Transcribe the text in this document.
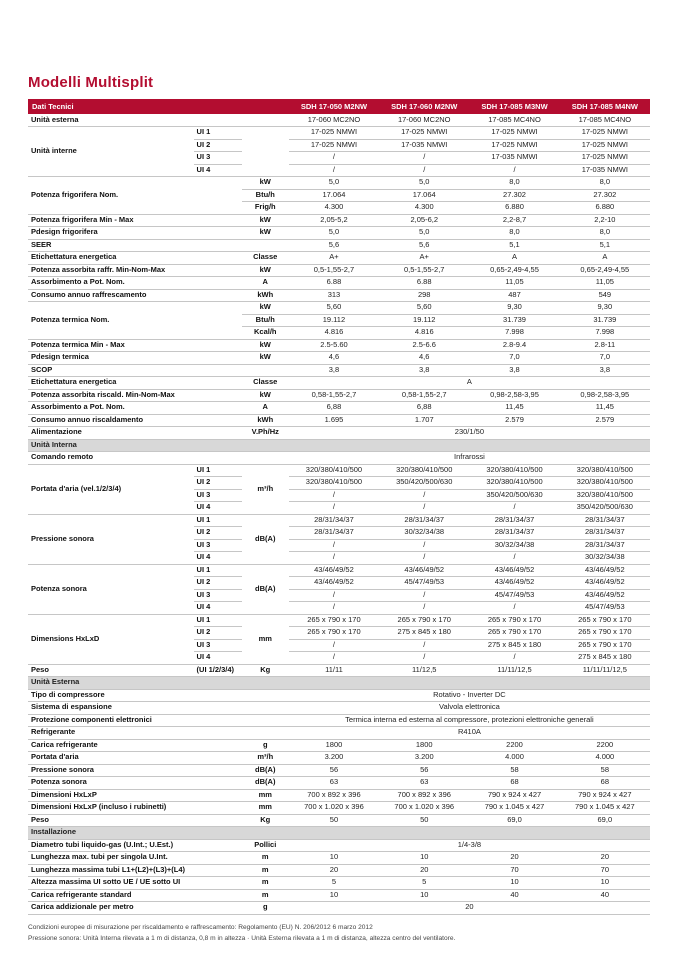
Modelli Multisplit
Dati Tecnici			SDH 17-050 M2NW	SDH 17-060 M2NW	SDH 17-085 M3NW	SDH 17-085 M4NW
Unità esterna			17-060 MC2NO	17-060 MC2NO	17-085 MC4NO	17-085 MC4NO
Unità interne	UI 1		17-025 NMWI	17-025 NMWI	17-025 NMWI	17-025 NMWI
	UI 2		17-025 NMWI	17-035 NMWI	17-025 NMWI	17-025 NMWI
	UI 3		/	/	17-035 NMWI	17-025 NMWI
	UI 4		/	/	/	17-035 NMWI
Potenza frigorifera Nom.		kW	5,0	5,0	8,0	8,0
		Btu/h	17.064	17.064	27.302	27.302
		Frig/h	4.300	4.300	6.880	6.880
Potenza frigorifera Min - Max		kW	2,05-5,2	2,05-6,2	2,2-8,7	2,2-10
Pdesign frigorifera		kW	5,0	5,0	8,0	8,0
SEER			5,6	5,6	5,1	5,1
Etichettatura energetica		Classe	A+	A+	A	A
Potenza assorbita raffr. Min-Nom-Max		kW	0,5-1,55-2,7	0,5-1,55-2,7	0,65-2,49-4,55	0,65-2,49-4,55
Assorbimento a Pot. Nom.		A	6.88	6.88	11,05	11,05
Consumo annuo raffrescamento		kWh	313	298	487	549
Potenza termica Nom.		kW	5,60	5,60	9,30	9,30
		Btu/h	19.112	19.112	31.739	31.739
		Kcal/h	4.816	4.816	7.998	7.998
Potenza termica Min - Max		kW	2.5-5.60	2.5-6.6	2.8-9.4	2.8-11
Pdesign termica		kW	4,6	4,6	7,0	7,0
SCOP			3,8	3,8	3,8	3,8
Etichettatura energetica		Classe	A			
Potenza assorbita riscald. Min-Nom-Max		kW	0,58-1,55-2,7	0,58-1,55-2,7	0,98-2,58-3,95	0,98-2,58-3,95
Assorbimento a Pot. Nom.		A	6,88	6,88	11,45	11,45
Consumo annuo riscaldamento		kWh	1.695	1.707	2.579	2.579
Alimentazione		V.Ph/Hz	230/1/50			
Unità Interna						
Comando remoto			Infrarossi			
Portata d'aria (vel.1/2/3/4)	UI 1	m³/h	320/380/410/500	320/380/410/500	320/380/410/500	320/380/410/500
	UI 2		320/380/410/500	350/420/500/630	320/380/410/500	320/380/410/500
	UI 3		/	/	350/420/500/630	320/380/410/500
	UI 4		/	/	/	350/420/500/630
Pressione sonora	UI 1	dB(A)	28/31/34/37	28/31/34/37	28/31/34/37	28/31/34/37
	UI 2		28/31/34/37	30/32/34/38	28/31/34/37	28/31/34/37
	UI 3		/	/	30/32/34/38	28/31/34/37
	UI 4		/	/	/	30/32/34/38
Potenza sonora	UI 1	dB(A)	43/46/49/52	43/46/49/52	43/46/49/52	43/46/49/52
	UI 2		43/46/49/52	45/47/49/53	43/46/49/52	43/46/49/52
	UI 3		/	/	45/47/49/53	43/46/49/52
	UI 4		/	/	/	45/47/49/53
Dimensions HxLxD	UI 1	mm	265 x 790 x 170	265 x 790 x 170	265 x 790 x 170	265 x 790 x 170
	UI 2		265 x 790 x 170	275 x 845 x 180	265 x 790 x 170	265 x 790 x 170
	UI 3		/	/	275 x 845 x 180	265 x 790 x 170
	UI 4		/	/	/	275 x 845 x 180
Peso	(UI 1/2/3/4)	Kg	11/11	11/12,5	11/11/12,5	11/11/11/12,5
Unità Esterna						
Tipo di compressore			Rotativo - Inverter DC			
Sistema di espansione			Valvola elettronica			
Protezione componenti elettronici			Termica interna ed esterna al compressore, protezioni elettroniche generali			
Refrigerante			R410A			
Carica refrigerante		g	1800	1800	2200	2200
Portata d'aria		m³/h	3.200	3.200	4.000	4.000
Pressione sonora		dB(A)	56	56	58	58
Potenza sonora		dB(A)	63	63	68	68
Dimensioni HxLxP		mm	700 x 892 x 396	700 x 892 x 396	790 x 924 x 427	790 x 924 x 427
Dimensioni HxLxP (incluso i rubinetti)		mm	700 x 1.020 x 396	700 x 1.020 x 396	790 x 1.045 x 427	790 x 1.045 x 427
Peso		Kg	50	50	69,0	69,0
Installazione						
Diametro tubi liquido-gas (U.Int.; U.Est.)		Pollici	1/4-3/8			
Lunghezza max. tubi per singola U.Int.		m	10	10	20	20
Lunghezza massima tubi L1+(L2)+(L3)+(L4)		m	20	20	70	70
Altezza massima UI sotto UE / UE sotto UI		m	5	5	10	10
Carica refrigerante standard		m	10	10	40	40
Carica addizionale per metro		g	20			

Condizioni europee di misurazione per riscaldamento e raffrescamento: Regolamento (EU) N. 206/2012 6 marzo 2012

Pressione sonora: Unità Interna rilevata a 1 m di distanza, 0,8 m in altezza · Unità Esterna rilevata a 1 m di distanza, altezza centro del ventilatore.
